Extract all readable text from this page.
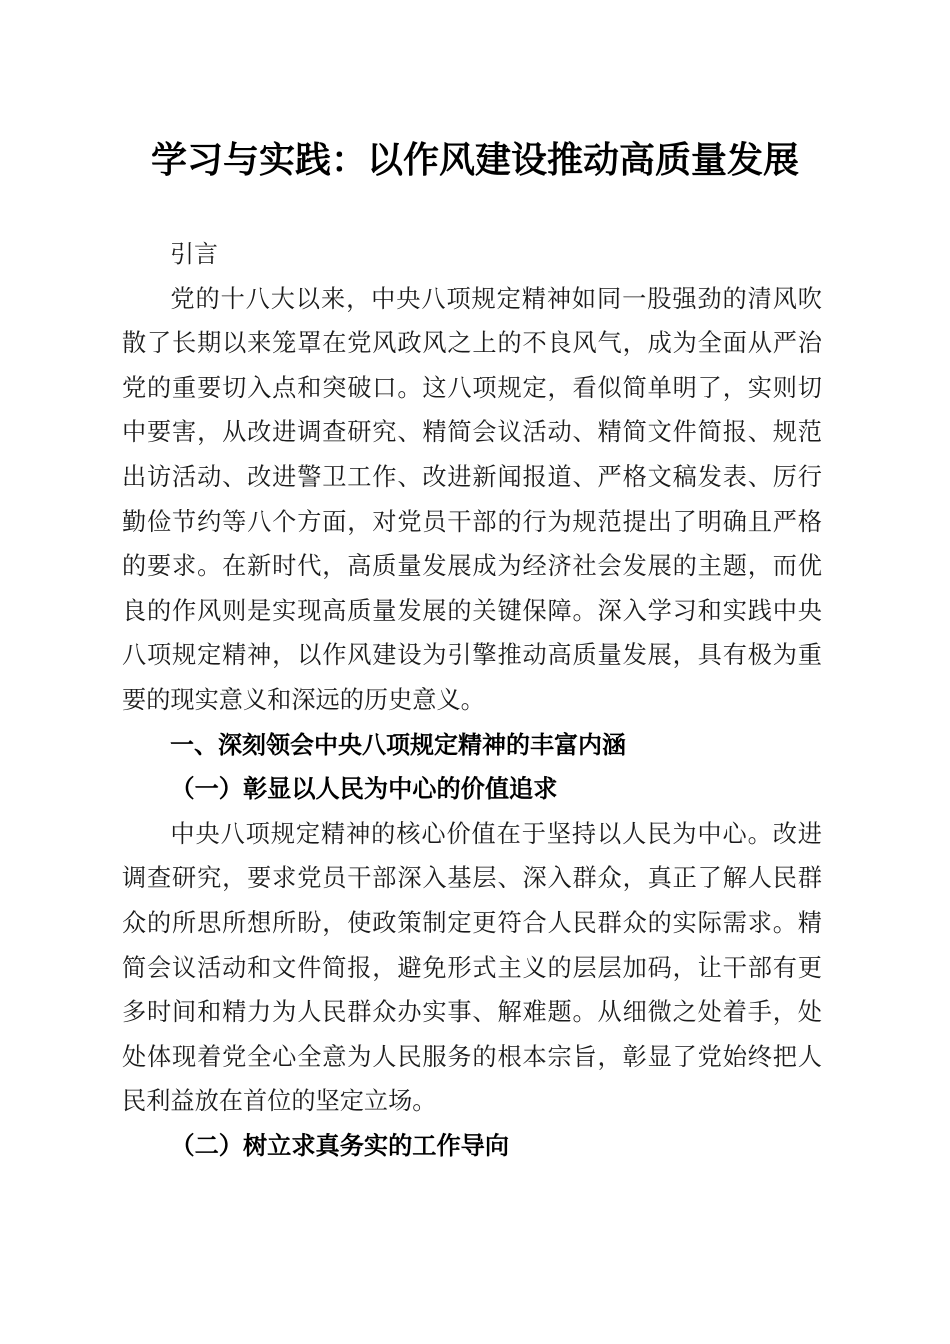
学习与实践：以作风建设推动高质量发展

引言

党的十八大以来，中央八项规定精神如同一股强劲的清风吹散了长期以来笼罩在党风政风之上的不良风气，成为全面从严治党的重要切入点和突破口。这八项规定，看似简单明了，实则切中要害，从改进调查研究、精简会议活动、精简文件简报、规范出访活动、改进警卫工作、改进新闻报道、严格文稿发表、厉行勤俭节约等八个方面，对党员干部的行为规范提出了明确且严格的要求。在新时代，高质量发展成为经济社会发展的主题，而优良的作风则是实现高质量发展的关键保障。深入学习和实践中央八项规定精神，以作风建设为引擎推动高质量发展，具有极为重要的现实意义和深远的历史意义。

一、深刻领会中央八项规定精神的丰富内涵

（一）彰显以人民为中心的价值追求

中央八项规定精神的核心价值在于坚持以人民为中心。改进调查研究，要求党员干部深入基层、深入群众，真正了解人民群众的所思所想所盼，使政策制定更符合人民群众的实际需求。精简会议活动和文件简报，避免形式主义的层层加码，让干部有更多时间和精力为人民群众办实事、解难题。从细微之处着手，处处体现着党全心全意为人民服务的根本宗旨，彰显了党始终把人民利益放在首位的坚定立场。

（二）树立求真务实的工作导向
